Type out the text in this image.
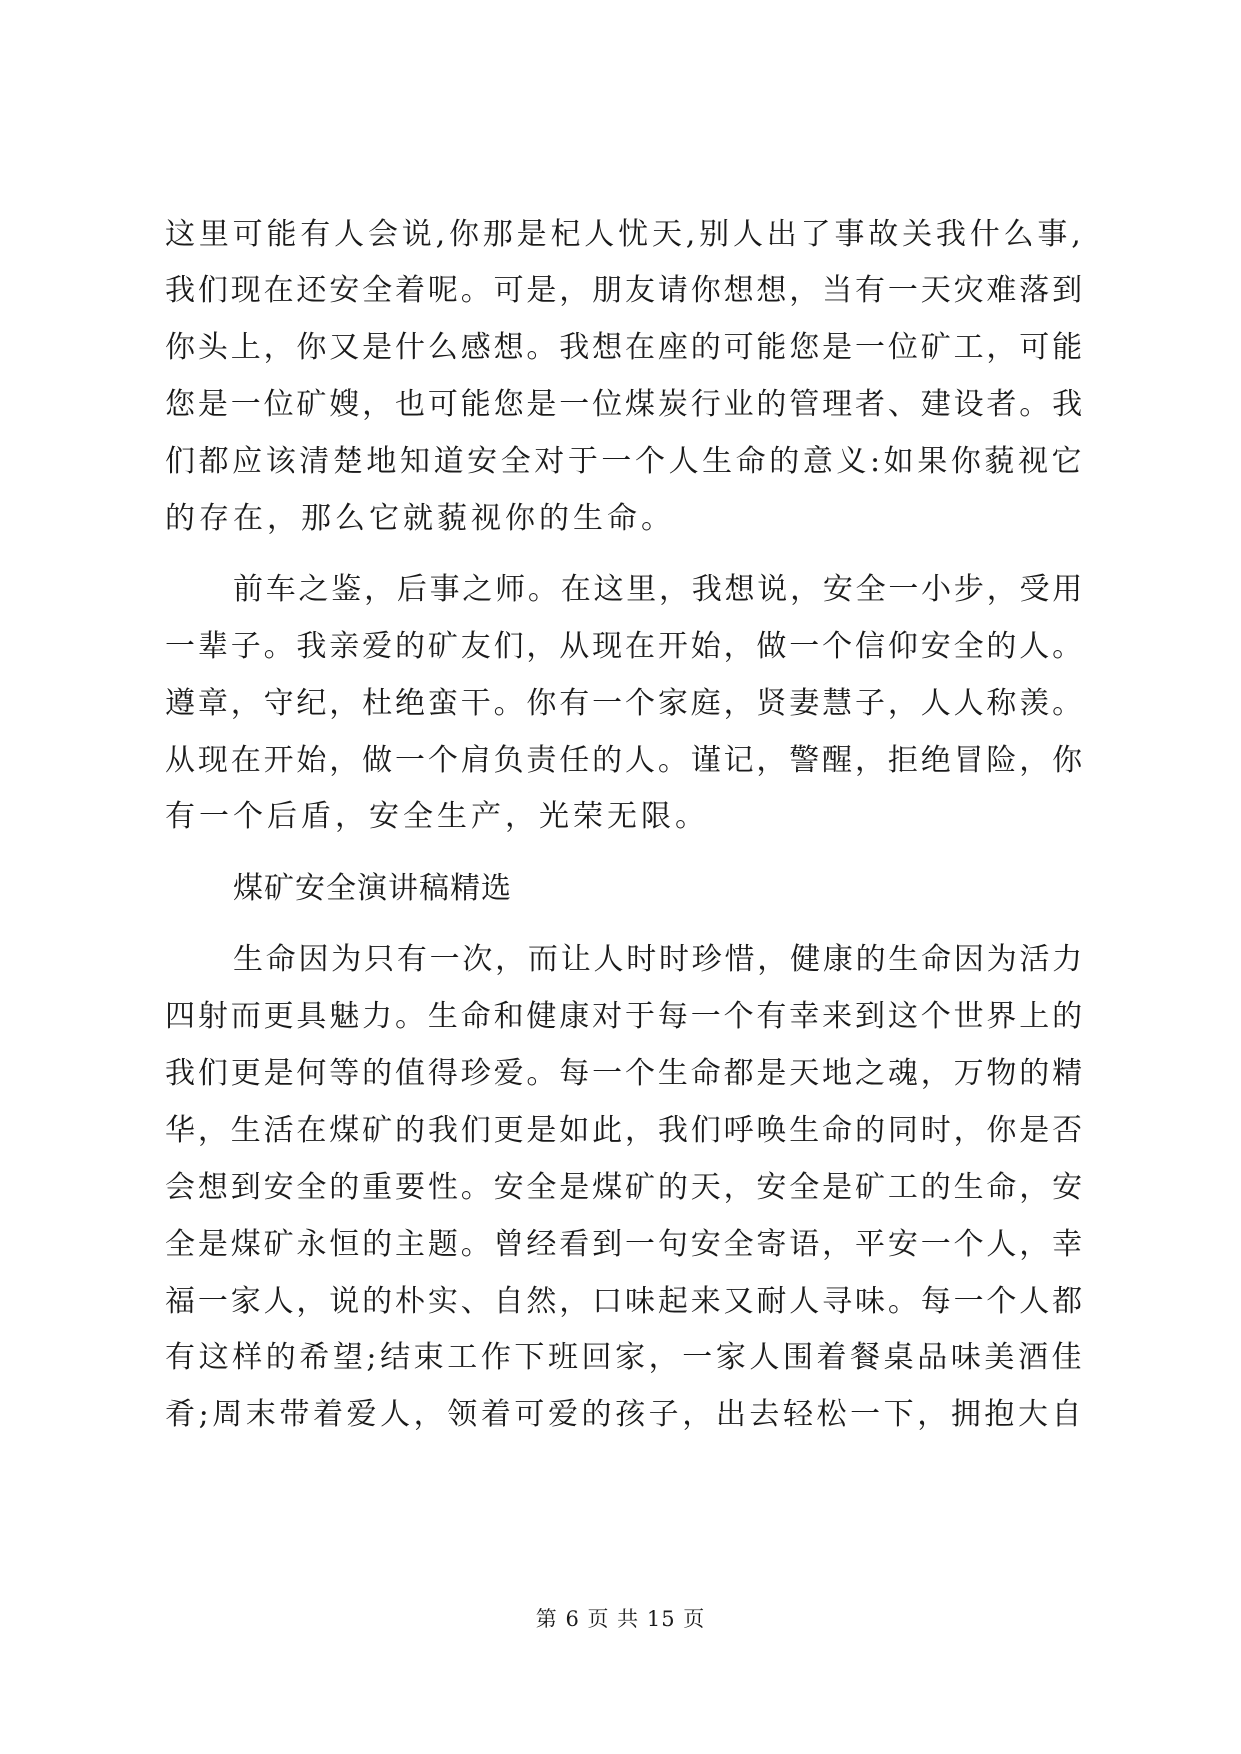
这里可能有人会说,你那是杞人忧天,别人出了事故关我什么事,
我们现在还安全着呢。可是，朋友请你想想，当有一天灾难落到
你头上，你又是什么感想。我想在座的可能您是一位矿工，可能
您是一位矿嫂，也可能您是一位煤炭行业的管理者、建设者。我
们都应该清楚地知道安全对于一个人生命的意义:如果你藐视它
的存在，那么它就藐视你的生命。
前车之鉴，后事之师。在这里，我想说，安全一小步，受用
一辈子。我亲爱的矿友们，从现在开始，做一个信仰安全的人。
遵章，守纪，杜绝蛮干。你有一个家庭，贤妻慧子，人人称羡。
从现在开始，做一个肩负责任的人。谨记，警醒，拒绝冒险，你
有一个后盾，安全生产，光荣无限。
煤矿安全演讲稿精选
生命因为只有一次，而让人时时珍惜，健康的生命因为活力
四射而更具魅力。生命和健康对于每一个有幸来到这个世界上的
我们更是何等的值得珍爱。每一个生命都是天地之魂，万物的精
华，生活在煤矿的我们更是如此，我们呼唤生命的同时，你是否
会想到安全的重要性。安全是煤矿的天，安全是矿工的生命，安
全是煤矿永恒的主题。曾经看到一句安全寄语，平安一个人，幸
福一家人，说的朴实、自然，口味起来又耐人寻味。每一个人都
有这样的希望;结束工作下班回家，一家人围着餐桌品味美酒佳
肴;周末带着爱人，领着可爱的孩子，出去轻松一下，拥抱大自
第 6 页 共 15 页
